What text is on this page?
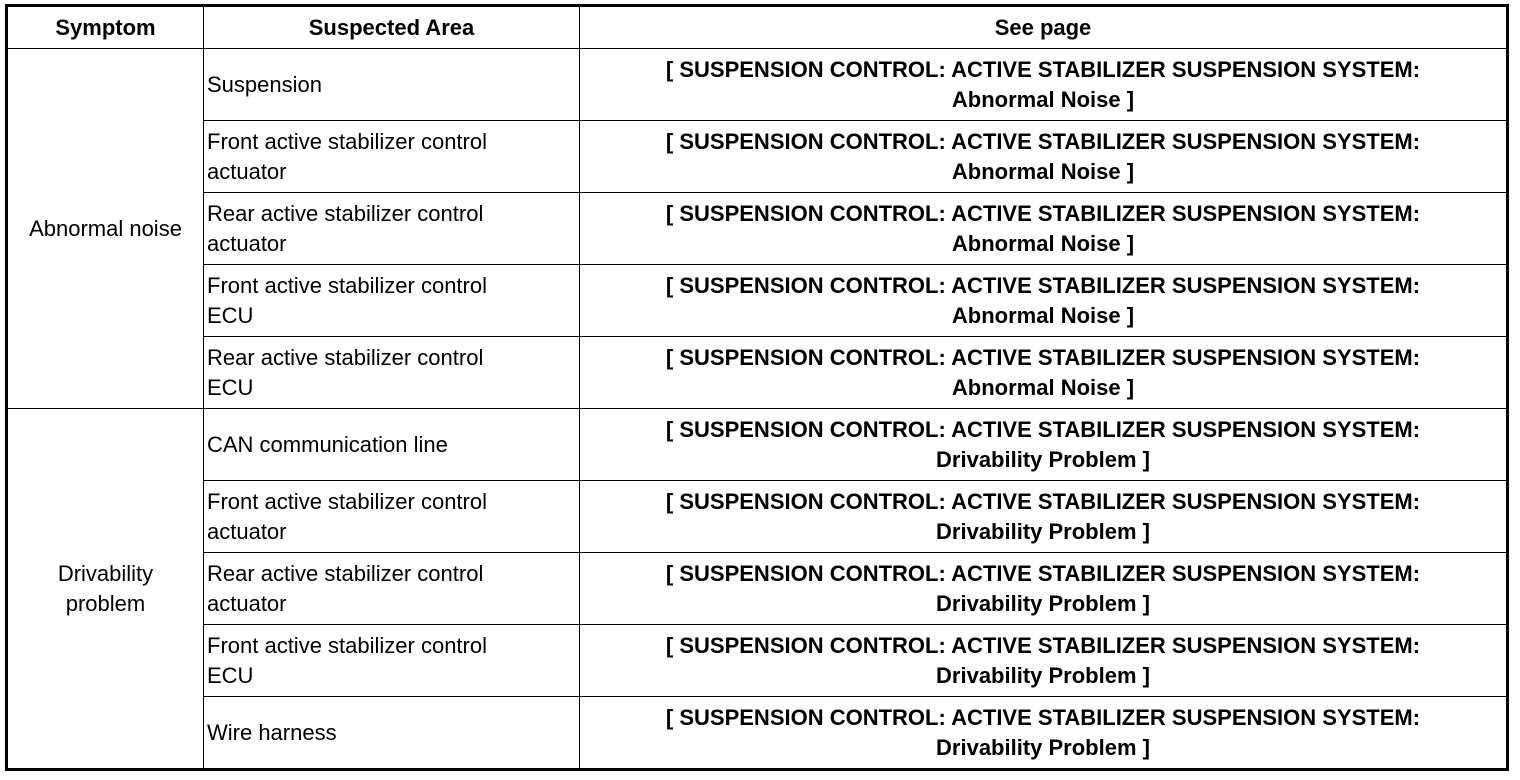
Symptom	Suspected Area	See page

Abnormal noise	Suspension	[ SUSPENSION CONTROL: ACTIVE STABILIZER SUSPENSION SYSTEM:
Abnormal Noise ]

	Front active stabilizer control
actuator	[ SUSPENSION CONTROL: ACTIVE STABILIZER SUSPENSION SYSTEM:
Abnormal Noise ]

	Rear active stabilizer control
actuator	[ SUSPENSION CONTROL: ACTIVE STABILIZER SUSPENSION SYSTEM:
Abnormal Noise ]

	Front active stabilizer control
ECU	[ SUSPENSION CONTROL: ACTIVE STABILIZER SUSPENSION SYSTEM:
Abnormal Noise ]

	Rear active stabilizer control
ECU	[ SUSPENSION CONTROL: ACTIVE STABILIZER SUSPENSION SYSTEM:
Abnormal Noise ]

Drivability
problem	CAN communication line	[ SUSPENSION CONTROL: ACTIVE STABILIZER SUSPENSION SYSTEM:
Drivability Problem ]

	Front active stabilizer control
actuator	[ SUSPENSION CONTROL: ACTIVE STABILIZER SUSPENSION SYSTEM:
Drivability Problem ]

	Rear active stabilizer control
actuator	[ SUSPENSION CONTROL: ACTIVE STABILIZER SUSPENSION SYSTEM:
Drivability Problem ]

	Front active stabilizer control
ECU	[ SUSPENSION CONTROL: ACTIVE STABILIZER SUSPENSION SYSTEM:
Drivability Problem ]

	Wire harness	[ SUSPENSION CONTROL: ACTIVE STABILIZER SUSPENSION SYSTEM:
Drivability Problem ]
